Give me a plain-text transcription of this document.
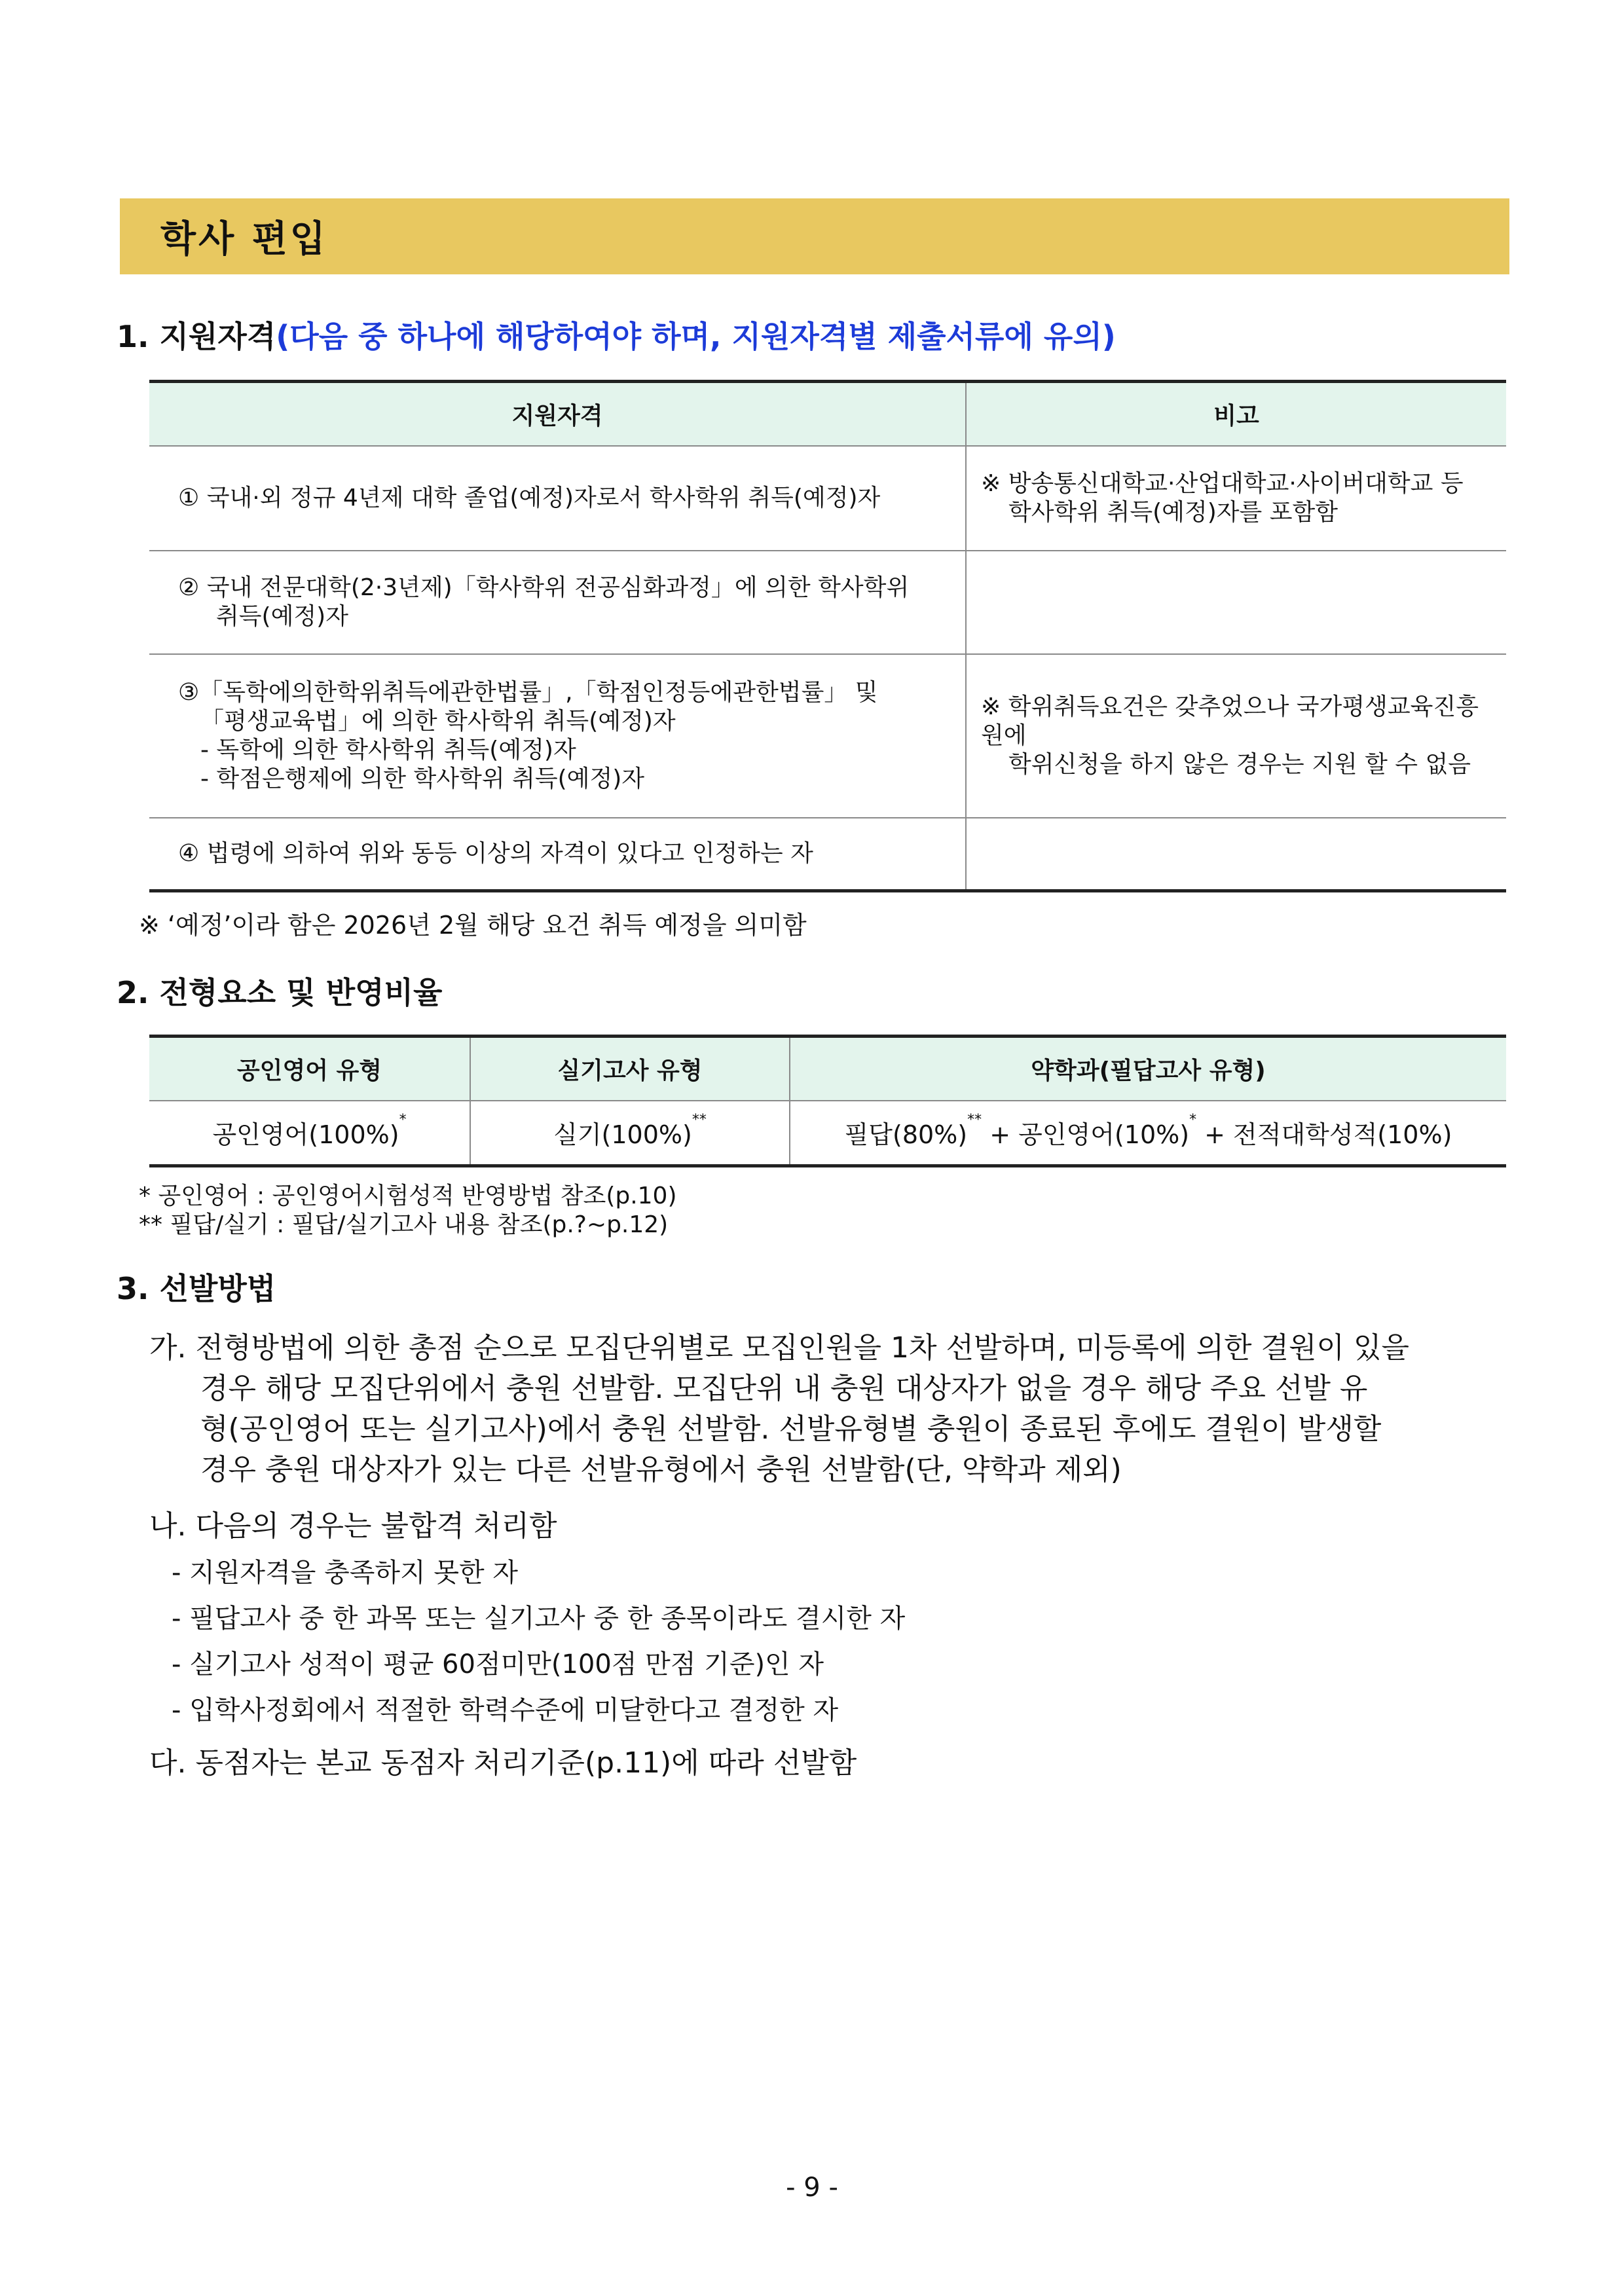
학사 편입
1. 지원자격(다음 중 하나에 해당하여야 하며, 지원자격별 제출서류에 유의)
지원자격	비고
① 국내·외 정규 4년제 대학 졸업(예정)자로서 학사학위 취득(예정)자	※ 방송통신대학교·산업대학교·사이버대학교 등
학사학위 취득(예정)자를 포함함

② 국내 전문대학(2·3년제)「학사학위 전공심화과정」에 의한 학사학위
취득(예정)자	

③「독학에의한학위취득에관한법률」,「학점인정등에관한법률」 및
「평생교육법」에 의한 학사학위 취득(예정)자
- 독학에 의한 학사학위 취득(예정)자
- 학점은행제에 의한 학사학위 취득(예정)자	※ 학위취득요건은 갖추었으나 국가평생교육진흥원에
학위신청을 하지 않은 경우는 지원 할 수 없음

④ 법령에 의하여 위와 동등 이상의 자격이 있다고 인정하는 자	
※ ‘예정’이라 함은 2026년 2월 해당 요건 취득 예정을 의미함
2. 전형요소 및 반영비율
공인영어 유형	실기고사 유형	약학과(필답고사 유형)
공인영어(100%)*	실기(100%)**	필답(80%)** + 공인영어(10%)* + 전적대학성적(10%)
* 공인영어 : 공인영어시험성적 반영방법 참조(p.10)
** 필답/실기 : 필답/실기고사 내용 참조(p.?~p.12)
3. 선발방법
가. 전형방법에 의한 총점 순으로 모집단위별로 모집인원을 1차 선발하며, 미등록에 의한 결원이 있을
경우 해당 모집단위에서 충원 선발함. 모집단위 내 충원 대상자가 없을 경우 해당 주요 선발 유
형(공인영어 또는 실기고사)에서 충원 선발함. 선발유형별 충원이 종료된 후에도 결원이 발생할
경우 충원 대상자가 있는 다른 선발유형에서 충원 선발함(단, 약학과 제외)
나. 다음의 경우는 불합격 처리함
- 지원자격을 충족하지 못한 자
- 필답고사 중 한 과목 또는 실기고사 중 한 종목이라도 결시한 자
- 실기고사 성적이 평균 60점미만(100점 만점 기준)인 자
- 입학사정회에서 적절한 학력수준에 미달한다고 결정한 자
다. 동점자는 본교 동점자 처리기준(p.11)에 따라 선발함
- 9 -
